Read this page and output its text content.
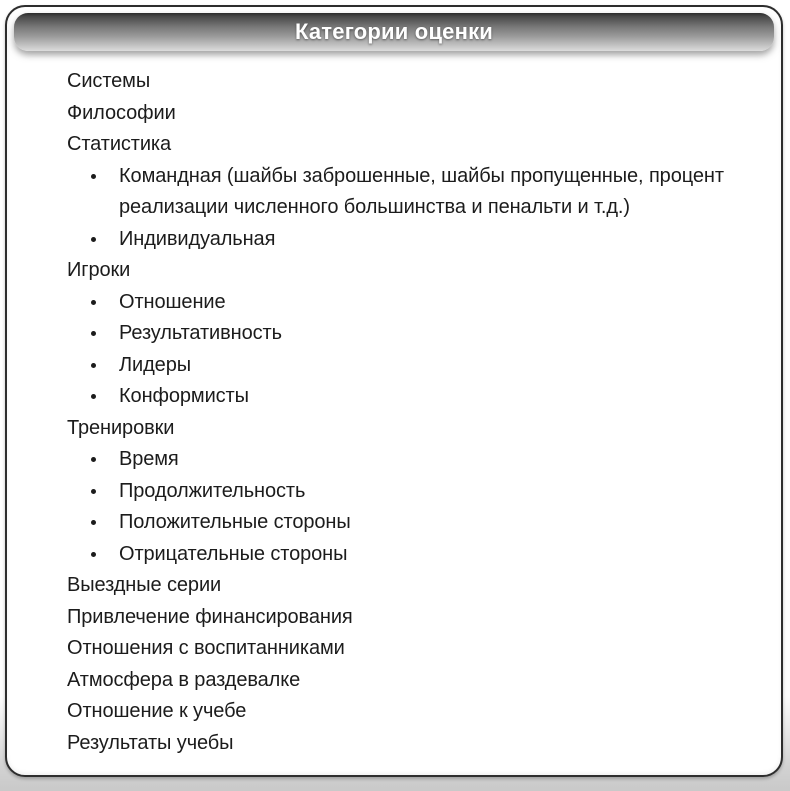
Категории оценки
Системы
Философии
Статистика
Командная (шайбы заброшенные, шайбы пропущенные, процент реализации численного большинства и пенальти и т.д.)
Индивидуальная
Игроки
Отношение
Результативность
Лидеры
Конформисты
Тренировки
Время
Продолжительность
Положительные стороны
Отрицательные стороны
Выездные серии
Привлечение финансирования
Отношения с воспитанниками
Атмосфера в раздевалке
Отношение к учебе
Результаты учебы
